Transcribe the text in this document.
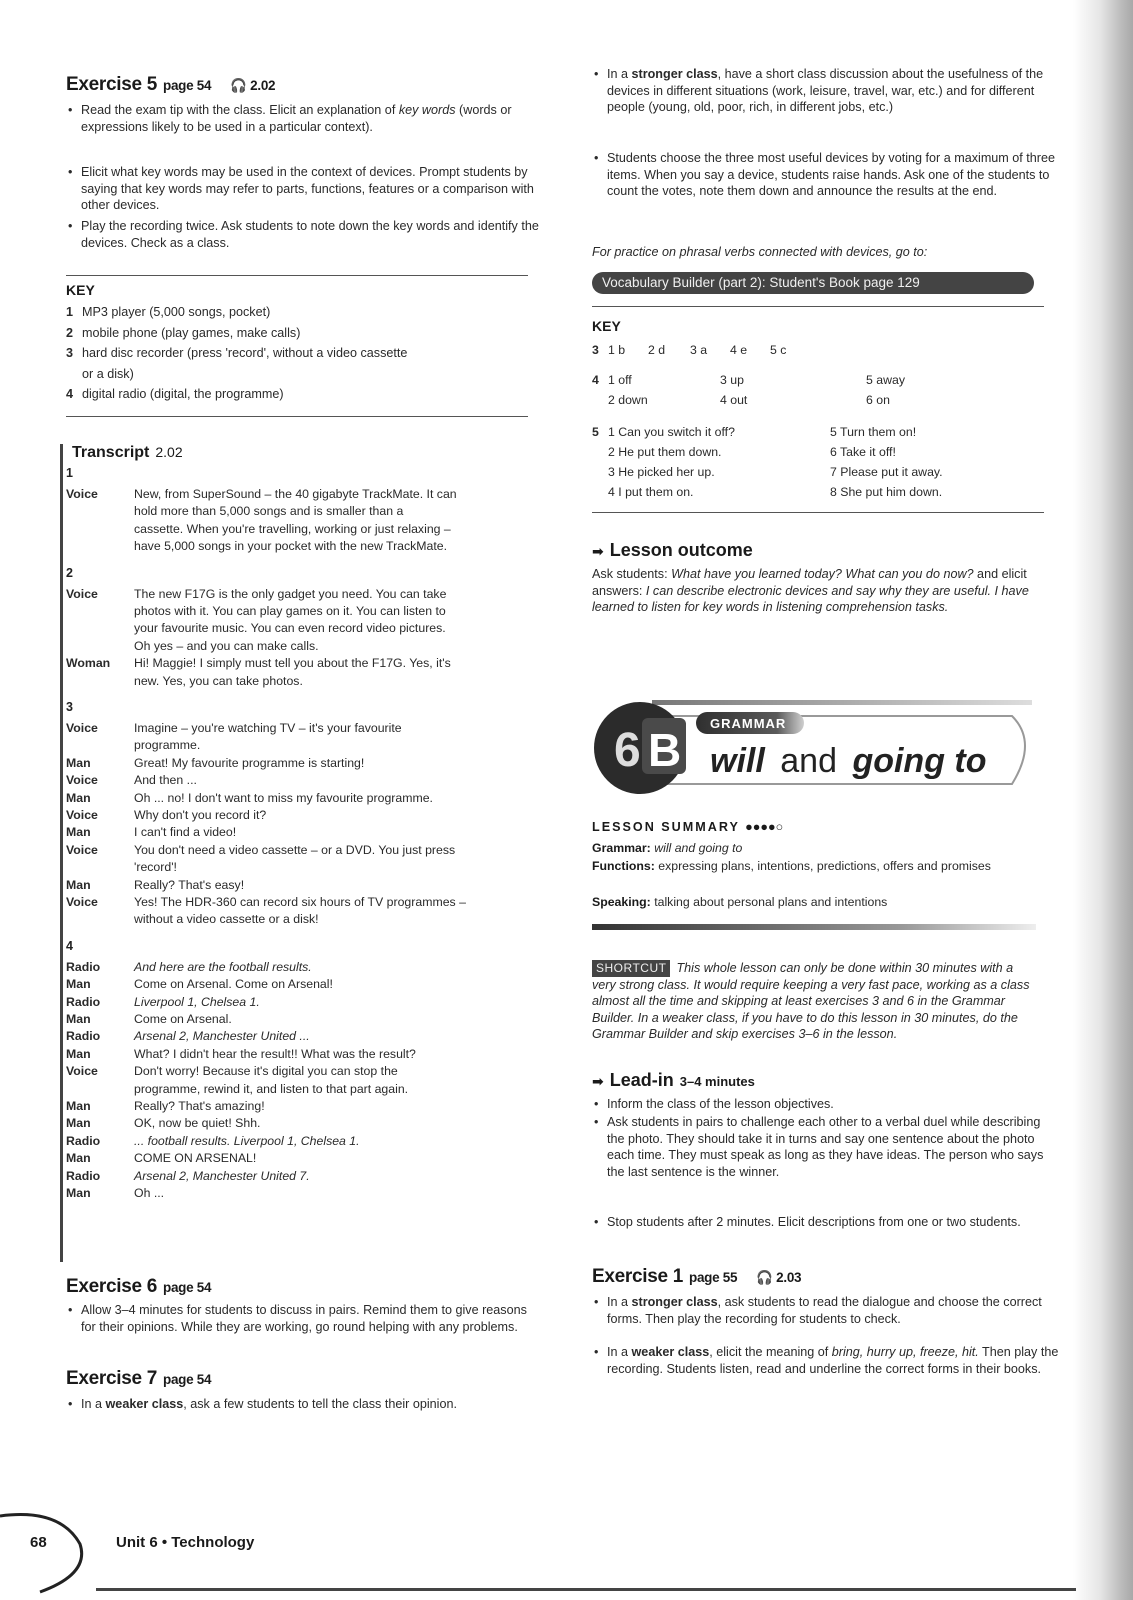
Exercise 5 page 54 🎧 2.02
• Read the exam tip with the class. Elicit an explanation of key words (words or expressions likely to be used in a particular context).
• Elicit what key words may be used in the context of devices. Prompt students by saying that key words may refer to parts, functions, features or a comparison with other devices.
• Play the recording twice. Ask students to note down the key words and identify the devices. Check as a class.
KEY
1 MP3 player (5,000 songs, pocket)
2 mobile phone (play games, make calls)
3 hard disc recorder (press 'record', without a video cassette
or a disk)
4 digital radio (digital, the programme)
Transcript 2.02
1
Voice	New, from SuperSound – the 40 gigabyte TrackMate. It can
hold more than 5,000 songs and is smaller than a
cassette. When you're travelling, working or just relaxing –
have 5,000 songs in your pocket with the new TrackMate.
2
Voice	The new F17G is the only gadget you need. You can take
photos with it. You can play games on it. You can listen to
your favourite music. You can even record video pictures.
Oh yes – and you can make calls.
Woman	Hi! Maggie! I simply must tell you about the F17G. Yes, it's
new. Yes, you can take photos.
3
Voice	Imagine – you're watching TV – it's your favourite
programme.
Man	Great! My favourite programme is starting!
Voice	And then ...
Man	Oh ... no! I don't want to miss my favourite programme.
Voice	Why don't you record it?
Man	I can't find a video!
Voice	You don't need a video cassette – or a DVD. You just press
'record'!
Man	Really? That's easy!
Voice	Yes! The HDR-360 can record six hours of TV programmes –
without a video cassette or a disk!
4
Radio	And here are the football results.
Man	Come on Arsenal. Come on Arsenal!
Radio	Liverpool 1, Chelsea 1.
Man	Come on Arsenal.
Radio	Arsenal 2, Manchester United ...
Man	What? I didn't hear the result!! What was the result?
Voice	Don't worry! Because it's digital you can stop the
programme, rewind it, and listen to that part again.
Man	Really? That's amazing!
Man	OK, now be quiet! Shh.
Radio	... football results. Liverpool 1, Chelsea 1.
Man	COME ON ARSENAL!
Radio	Arsenal 2, Manchester United 7.
Man	Oh ...
Exercise 6 page 54
• Allow 3–4 minutes for students to discuss in pairs. Remind them to give reasons for their opinions. While they are working, go round helping with any problems.
Exercise 7 page 54
• In a weaker class, ask a few students to tell the class their opinion.
• In a stronger class, have a short class discussion about the usefulness of the devices in different situations (work, leisure, travel, war, etc.) and for different people (young, old, poor, rich, in different jobs, etc.)
• Students choose the three most useful devices by voting for a maximum of three items. When you say a device, students raise hands. Ask one of the students to count the votes, note them down and announce the results at the end.
For practice on phrasal verbs connected with devices, go to:
Vocabulary Builder (part 2): Student's Book page 129
KEY
3 1 b 2 d 3 a 4 e 5 c
4 1 off	3 up	5 away
2 down	4 out	6 on
5 1 Can you switch it off?	5 Turn them on!
2 He put them down.	6 Take it off!
3 He picked her up.	7 Please put it away.
4 I put them on.	8 She put him down.
➡ Lesson outcome
Ask students: What have you learned today? What can you do now? and elicit answers: I can describe electronic devices and say why they are useful. I have learned to listen for key words in listening comprehension tasks.
6 B
GRAMMAR
will and going to
LESSON SUMMARY ●●●●○
Grammar: will and going to
Functions: expressing plans, intentions, predictions, offers and promises
Speaking: talking about personal plans and intentions
SHORTCUT This whole lesson can only be done within 30 minutes with a very strong class. It would require keeping a very fast pace, working as a class almost all the time and skipping at least exercises 3 and 6 in the Grammar Builder. In a weaker class, if you have to do this lesson in 30 minutes, do the Grammar Builder and skip exercises 3–6 in the lesson.
➡ Lead-in 3–4 minutes
• Inform the class of the lesson objectives.
• Ask students in pairs to challenge each other to a verbal duel while describing the photo. They should take it in turns and say one sentence about the photo each time. They must speak as long as they have ideas. The person who says the last sentence is the winner.
• Stop students after 2 minutes. Elicit descriptions from one or two students.
Exercise 1 page 55 🎧 2.03
• In a stronger class, ask students to read the dialogue and choose the correct forms. Then play the recording for students to check.
• In a weaker class, elicit the meaning of bring, hurry up, freeze, hit. Then play the recording. Students listen, read and underline the correct forms in their books.
68	Unit 6 • Technology
